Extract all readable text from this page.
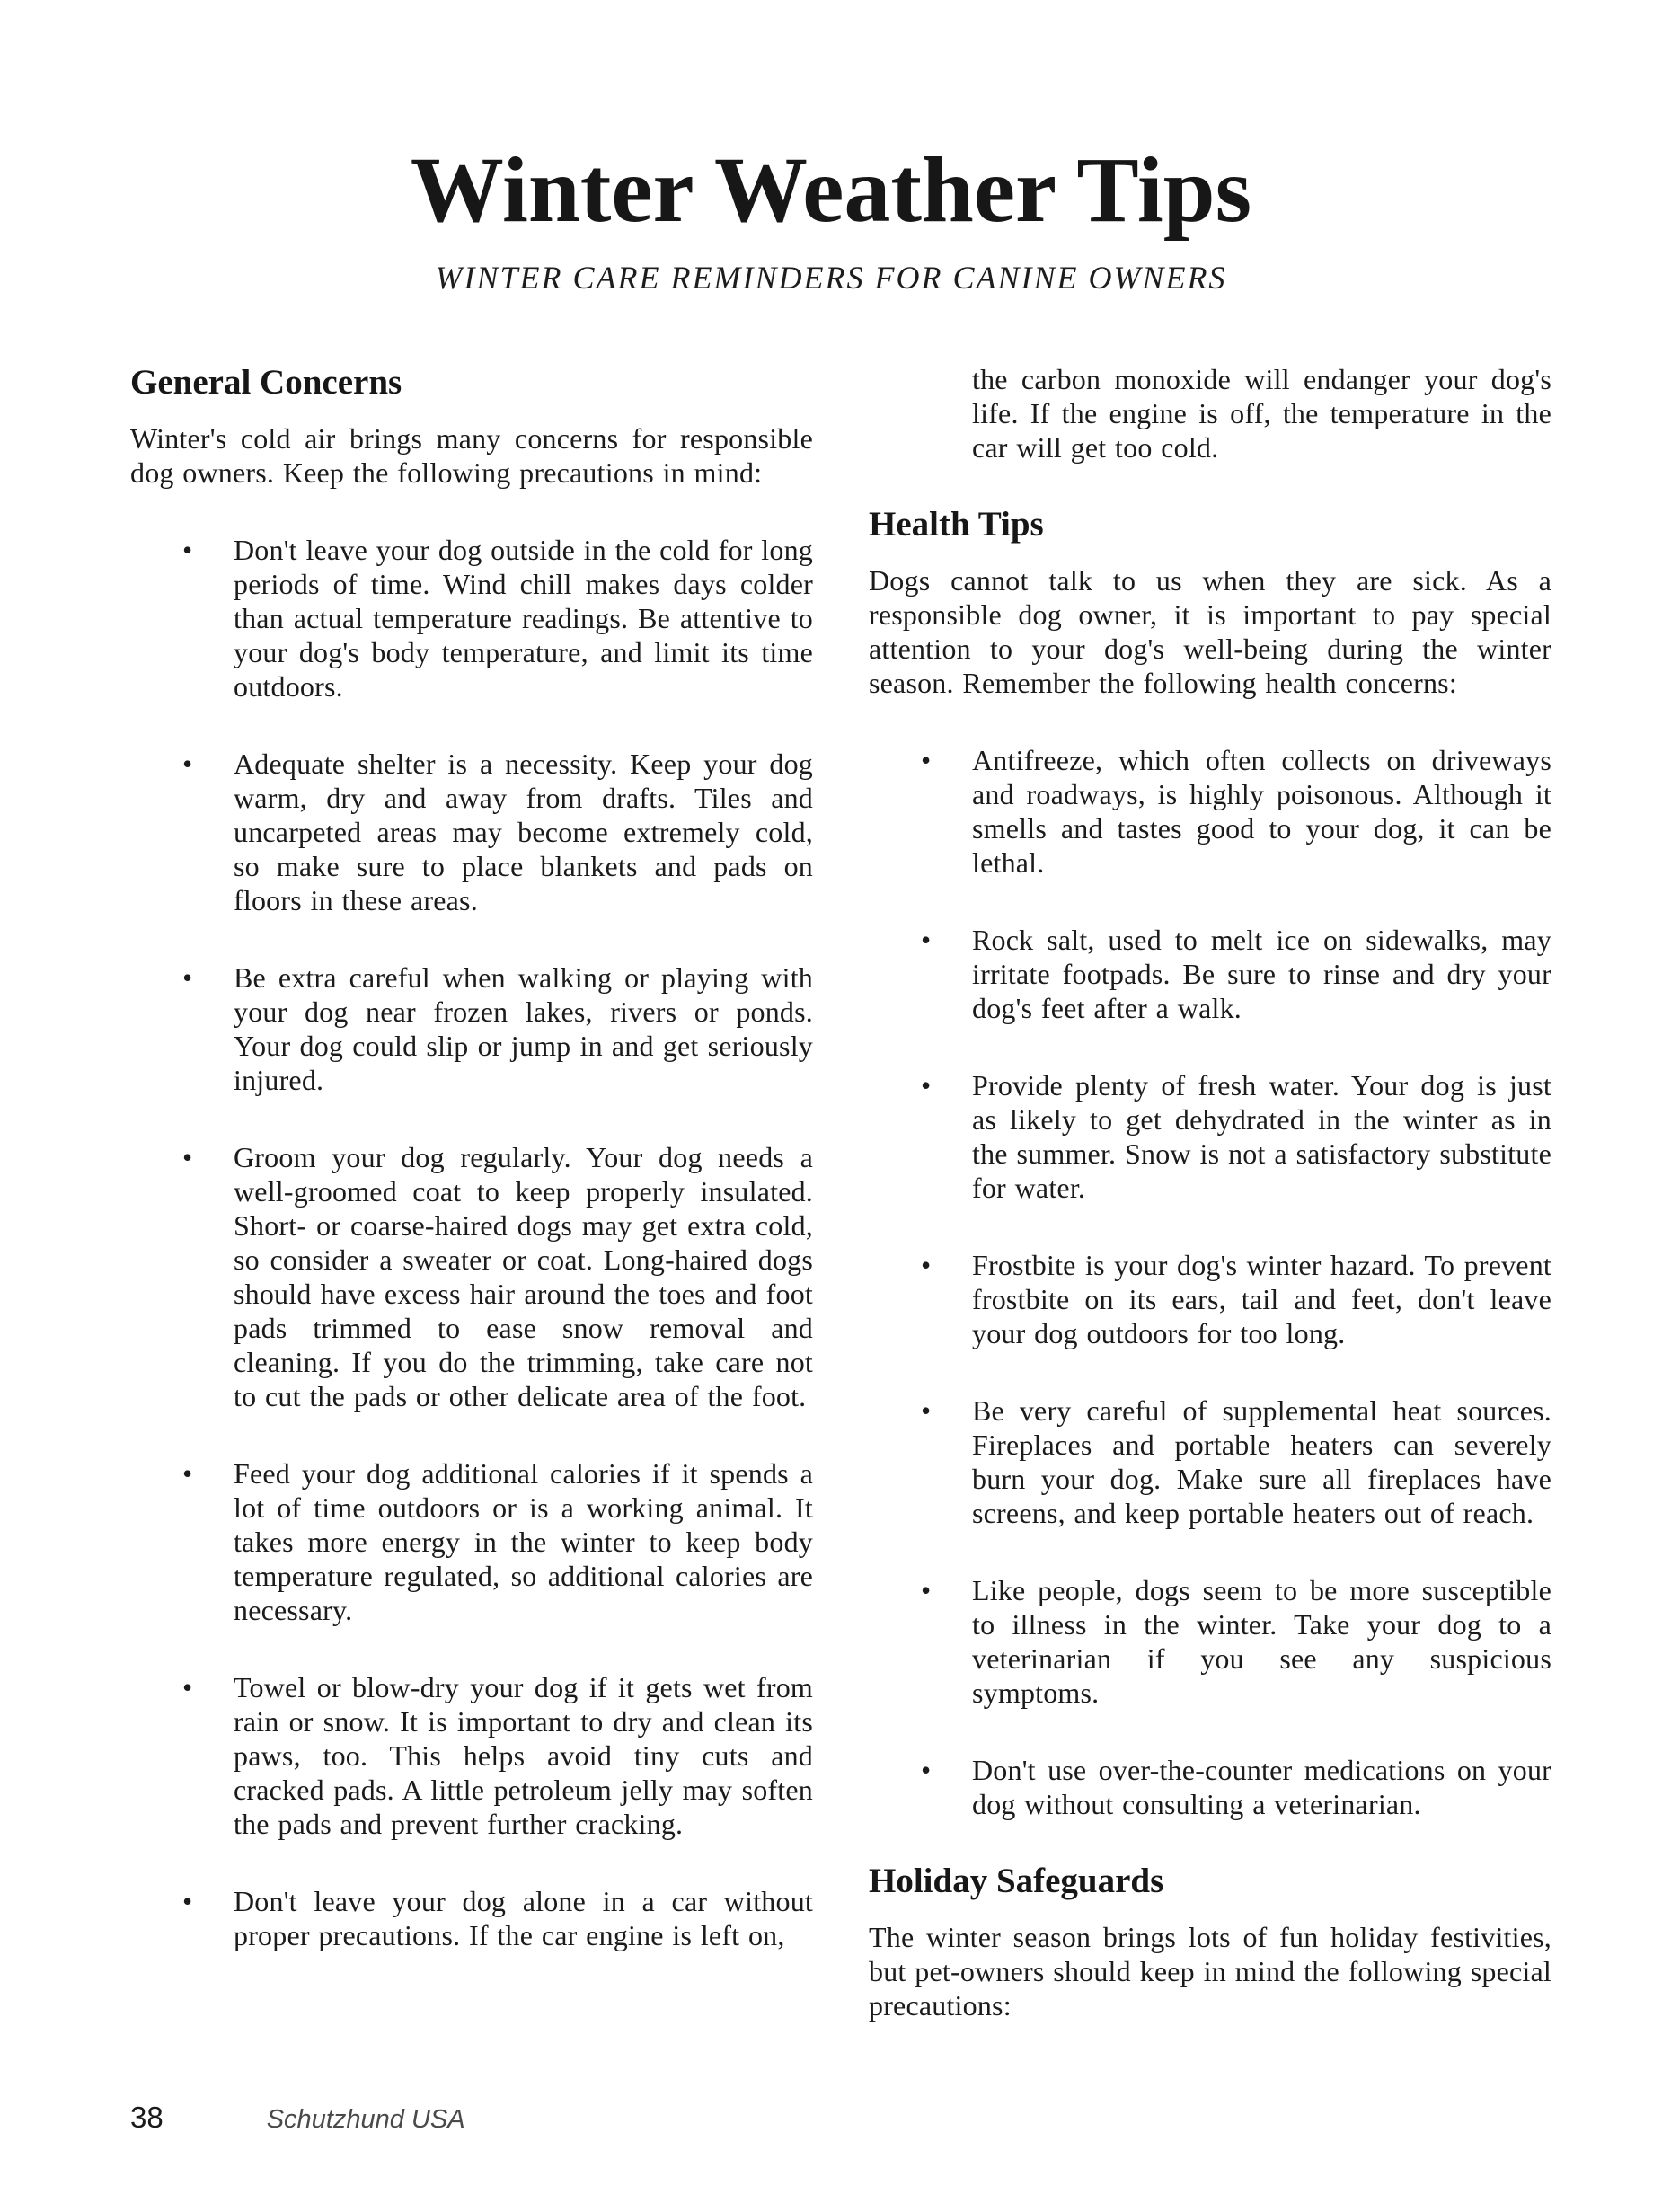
Winter Weather Tips
WINTER CARE REMINDERS FOR CANINE OWNERS
General Concerns

Winter's cold air brings many concerns for responsible dog owners. Keep the following precautions in mind:

• Don't leave your dog outside in the cold for long periods of time. Wind chill makes days colder than actual temperature readings. Be attentive to your dog's body temperature, and limit its time outdoors.
• Adequate shelter is a necessity. Keep your dog warm, dry and away from drafts. Tiles and uncarpeted areas may become extremely cold, so make sure to place blankets and pads on floors in these areas.
• Be extra careful when walking or playing with your dog near frozen lakes, rivers or ponds. Your dog could slip or jump in and get seriously injured.
• Groom your dog regularly. Your dog needs a well-groomed coat to keep properly insulated. Short- or coarse-haired dogs may get extra cold, so consider a sweater or coat. Long-haired dogs should have excess hair around the toes and foot pads trimmed to ease snow removal and cleaning. If you do the trimming, take care not to cut the pads or other delicate area of the foot.
• Feed your dog additional calories if it spends a lot of time outdoors or is a working animal. It takes more energy in the winter to keep body temperature regulated, so additional calories are necessary.
• Towel or blow-dry your dog if it gets wet from rain or snow. It is important to dry and clean its paws, too. This helps avoid tiny cuts and cracked pads. A little petroleum jelly may soften the pads and prevent further cracking.
• Don't leave your dog alone in a car without proper precautions. If the car engine is left on,

the carbon monoxide will endanger your dog's life. If the engine is off, the temperature in the car will get too cold.

Health Tips

Dogs cannot talk to us when they are sick. As a responsible dog owner, it is important to pay special attention to your dog's well-being during the winter season. Remember the following health concerns:

• Antifreeze, which often collects on driveways and roadways, is highly poisonous. Although it smells and tastes good to your dog, it can be lethal.
• Rock salt, used to melt ice on sidewalks, may irritate footpads. Be sure to rinse and dry your dog's feet after a walk.
• Provide plenty of fresh water. Your dog is just as likely to get dehydrated in the winter as in the summer. Snow is not a satisfactory substitute for water.
• Frostbite is your dog's winter hazard. To prevent frostbite on its ears, tail and feet, don't leave your dog outdoors for too long.
• Be very careful of supplemental heat sources. Fireplaces and portable heaters can severely burn your dog. Make sure all fireplaces have screens, and keep portable heaters out of reach.
• Like people, dogs seem to be more susceptible to illness in the winter. Take your dog to a veterinarian if you see any suspicious symptoms.
• Don't use over-the-counter medications on your dog without consulting a veterinarian.
Holiday Safeguards

The winter season brings lots of fun holiday festivities, but pet-owners should keep in mind the following special precautions:

38	Schutzhund USA
